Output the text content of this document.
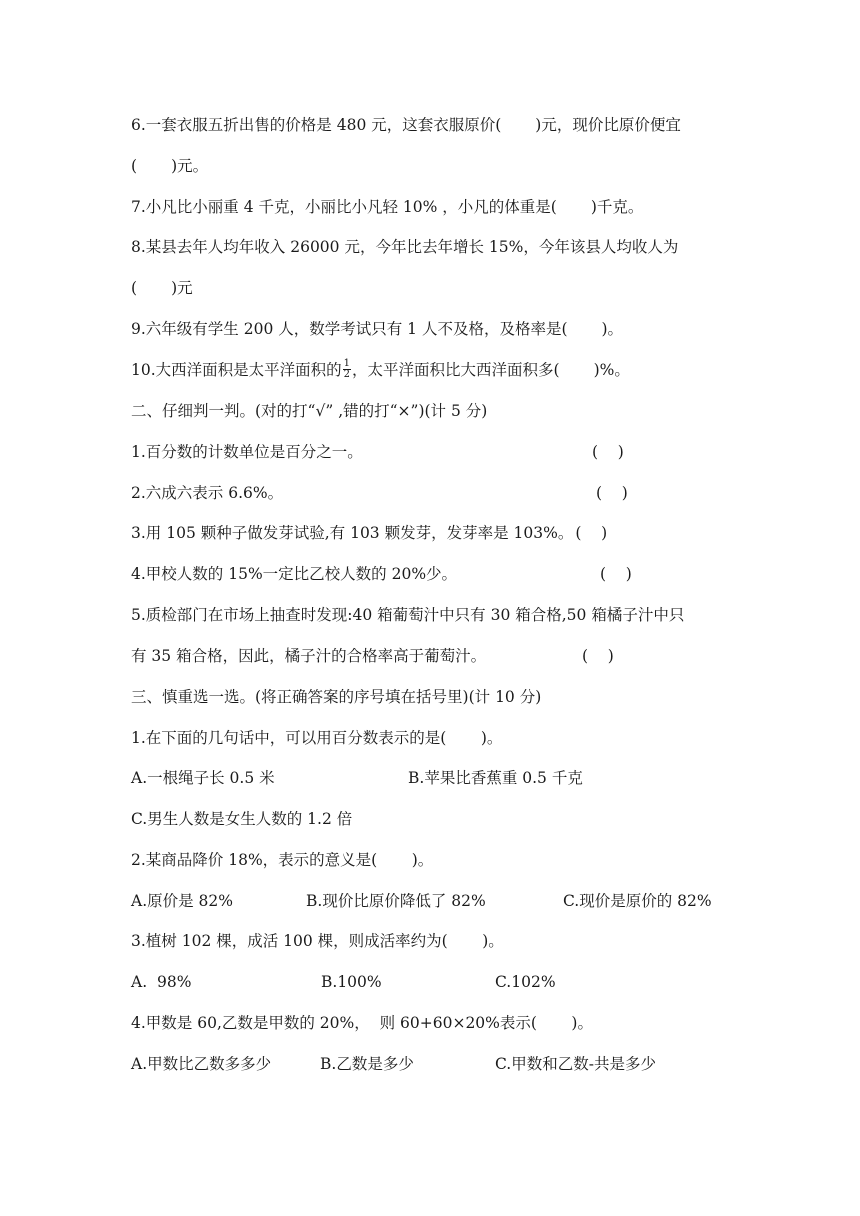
6.一套衣服五折出售的价格是 480 元，这套衣服原价( )元，现价比原价便宜
( )元。
7.小凡比小丽重 4 千克，小丽比小凡轻 10% ，小凡的体重是( )千克。
8.某县去年人均年收入 26000 元，今年比去年增长 15%，今年该县人均收人为
( )元
9.六年级有学生 200 人，数学考试只有 1 人不及格，及格率是( )。
10.大西洋面积是太平洋面积的 $\frac{1}{2}$ ，太平洋面积比大西洋面积多( )%。
二、仔细判一判。(对的打“√” ,错的打“×”)(计 5 分)
1.百分数的计数单位是百分之一。	(    )
2.六成六表示 6.6%。	(    )
3.用 105 颗种子做发芽试验,有 103 颗发芽，发芽率是 103%。 (    )
4.甲校人数的 15%一定比乙校人数的 20%少。	(    )
5.质检部门在市场上抽查时发现:40 箱葡萄汁中只有 30 箱合格,50 箱橘子汁中只
有 35 箱合格，因此，橘子汁的合格率高于葡萄汁。	(    )
三、慎重选一选。(将正确答案的序号填在括号里)(计 10 分)
1.在下面的几句话中，可以用百分数表示的是(       )。
A.一根绳子长 0.5 米	B.苹果比香蕉重 0.5 千克
C.男生人数是女生人数的 1.2 倍
2.某商品降价 18%，表示的意义是(       )。
A.原价是 82%	B.现价比原价降低了 82%	C.现价是原价的 82%
3.植树 102 棵，成活 100 棵，则成活率约为(       )。
A.  98%	B.100%	C.102%
4.甲数是 60,乙数是甲数的 20%，  则 60+60×20%表示(       )。
A.甲数比乙数多多少	B.乙数是多少	C.甲数和乙数-共是多少
